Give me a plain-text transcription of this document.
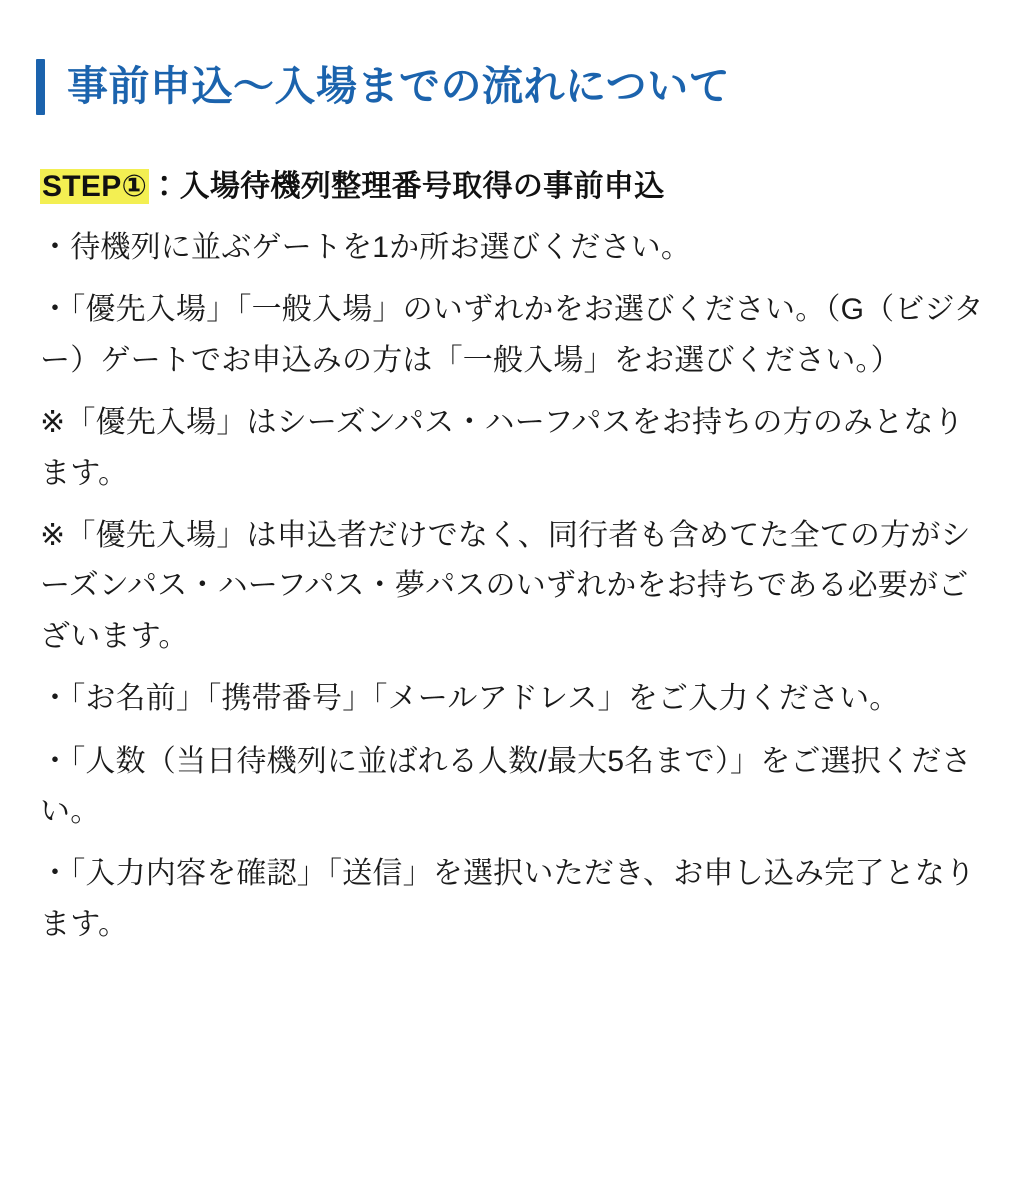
事前申込〜入場までの流れについて

STEP①：入場待機列整理番号取得の事前申込

・待機列に並ぶゲートを1か所お選びください。
・「優先入場」「一般入場」のいずれかをお選びください。（G（ビジター）ゲートでお申込みの方は「一般入場」をお選びください。）
※「優先入場」はシーズンパス・ハーフパスをお持ちの方のみとなります。
※「優先入場」は申込者だけでなく、同行者も含めてた全ての方がシーズンパス・ハーフパス・夢パスのいずれかをお持ちである必要がございます。
・「お名前」「携帯番号」「メールアドレス」をご入力ください。
・「人数（当日待機列に並ばれる人数/最大5名まで）」をご選択ください。
・「入力内容を確認」「送信」を選択いただき、お申し込み完了となります。
